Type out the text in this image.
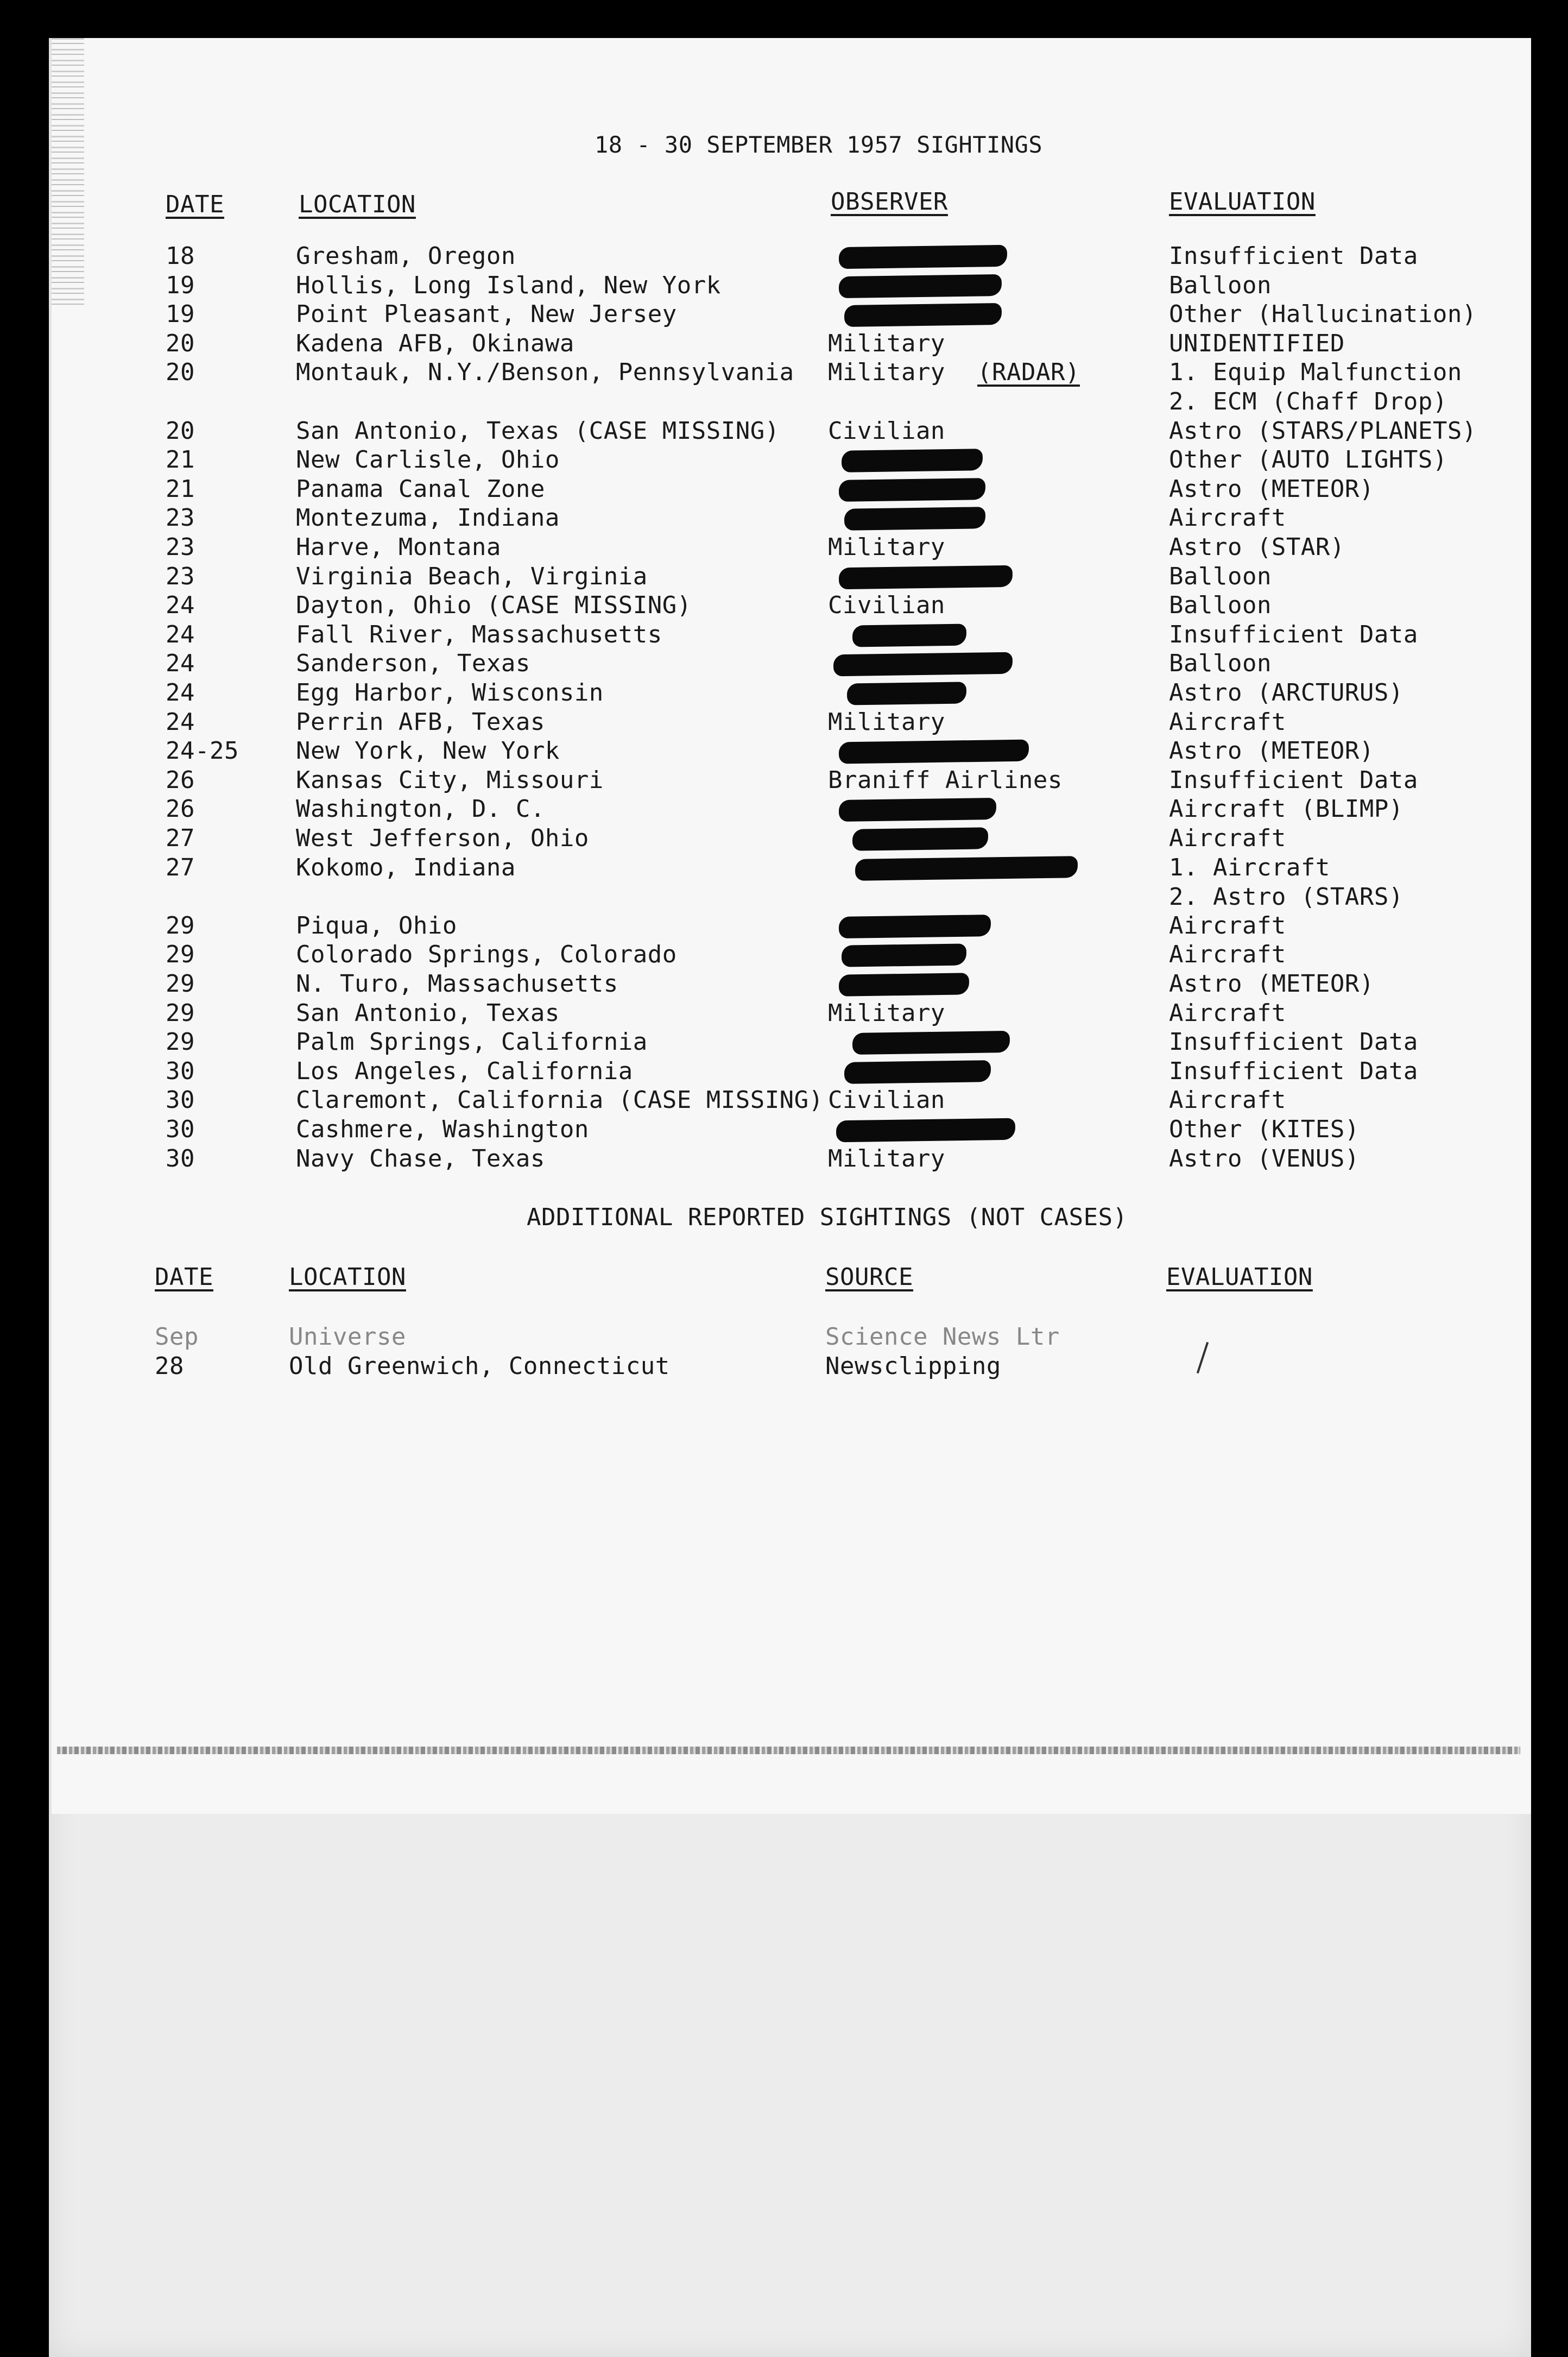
18 - 30 SEPTEMBER 1957 SIGHTINGS
DATE	LOCATION	OBSERVER	EVALUATION
18	Gresham, Oregon	Insufficient Data
19	Hollis, Long Island, New York	Balloon
19	Point Pleasant, New Jersey	Other (Hallucination)
20	Kadena AFB, Okinawa	Military	UNIDENTIFIED
20	Montauk, N.Y./Benson, Pennsylvania Military (RADAR)	1. Equip Malfunction
2. ECM (Chaff Drop)
20	San Antonio, Texas (CASE MISSING) Civilian	Astro (STARS/PLANETS)
21	New Carlisle, Ohio	Other (AUTO LIGHTS)
21	Panama Canal Zone	Astro (METEOR)
23	Montezuma, Indiana	Aircraft
23	Harve, Montana	Military	Astro (STAR)
23	Virginia Beach, Virginia	Balloon
24	Dayton, Ohio (CASE MISSING)	Civilian	Balloon
24	Fall River, Massachusetts	Insufficient Data
24	Sanderson, Texas	Balloon
24	Egg Harbor, Wisconsin	Astro (ARCTURUS)
24	Perrin AFB, Texas	Military	Aircraft
24-25 New York, New York	Astro (METEOR)
26	Kansas City, Missouri	Braniff Airlines	Insufficient Data
26	Washington, D. C.	Aircraft (BLIMP)
27	West Jefferson, Ohio	Aircraft
27	Kokomo, Indiana	1. Aircraft
2. Astro (STARS)
29	Piqua, Ohio	Aircraft
29	Colorado Springs, Colorado	Aircraft
29	N. Turo, Massachusetts	Astro (METEOR)
29	San Antonio, Texas	Military	Aircraft
29	Palm Springs, California	Insufficient Data
30	Los Angeles, California	Insufficient Data
30	Claremont, California (CASE MISSING) Civilian	Aircraft
30	Cashmere, Washington	Other (KITES)
30	Navy Chase, Texas	Military	Astro (VENUS)
ADDITIONAL REPORTED SIGHTINGS (NOT CASES)
DATE	LOCATION	SOURCE	EVALUATION
Sep	Universe	Science News Ltr
28	Old Greenwich, Connecticut	Newsclipping
